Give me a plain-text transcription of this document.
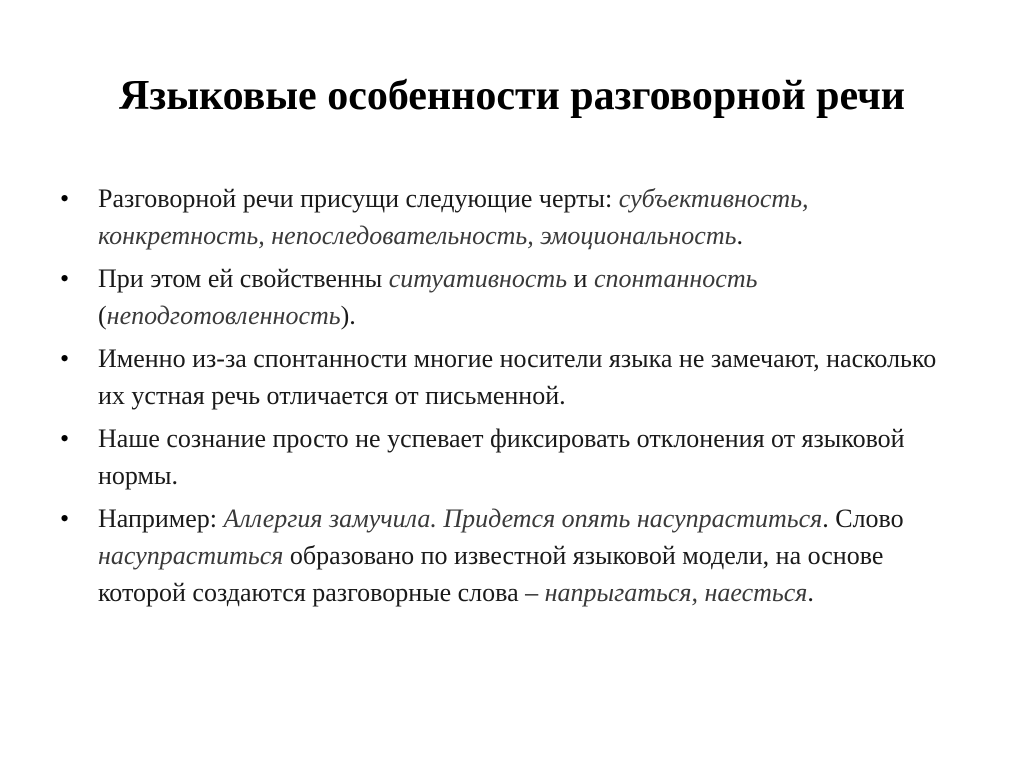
Языковые особенности разговорной речи
•	Разговорной речи присущи следующие черты: субъективность, конкретность, непоследовательность, эмоциональность.
•	При этом ей свойственны ситуативность и спонтанность (неподготовленность).
•	Именно из-за спонтанности многие носители языка не замечают, насколько их устная речь отличается от письменной.
•	Наше сознание просто не успевает фиксировать отклонения от языковой нормы.
•	Например: Аллергия замучила. Придется опять насупраститься. Слово насупраститься образовано по известной языковой модели, на основе которой создаются разговорные слова – напрыгаться, наесться.
